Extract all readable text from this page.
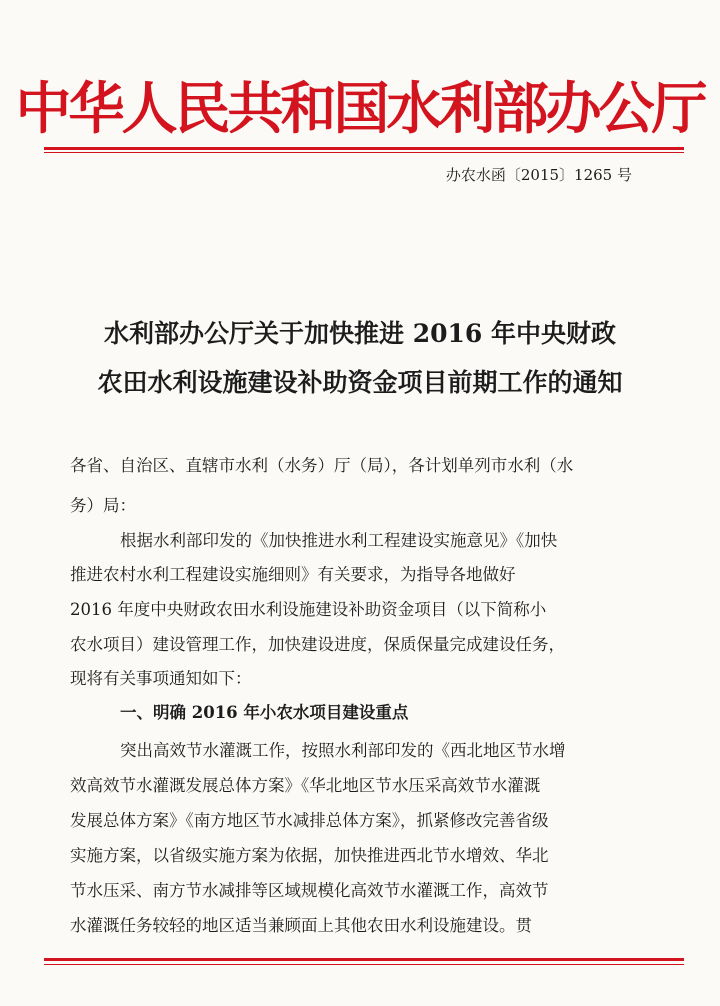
中华人民共和国水利部办公厅
办农水函〔2015〕1265 号
水利部办公厅关于加快推进 2016 年中央财政
农田水利设施建设补助资金项目前期工作的通知
各省、自治区、直辖市水利（水务）厅（局），各计划单列市水利（水
务）局：
根据水利部印发的《加快推进水利工程建设实施意见》《加快
推进农村水利工程建设实施细则》有关要求，为指导各地做好
2016 年度中央财政农田水利设施建设补助资金项目（以下简称小
农水项目）建设管理工作，加快建设进度，保质保量完成建设任务，
现将有关事项通知如下：
一、明确 2016 年小农水项目建设重点
突出高效节水灌溉工作，按照水利部印发的《西北地区节水增
效高效节水灌溉发展总体方案》《华北地区节水压采高效节水灌溉
发展总体方案》《南方地区节水减排总体方案》，抓紧修改完善省级
实施方案，以省级实施方案为依据，加快推进西北节水增效、华北
节水压采、南方节水减排等区域规模化高效节水灌溉工作，高效节
水灌溉任务较轻的地区适当兼顾面上其他农田水利设施建设。贯
